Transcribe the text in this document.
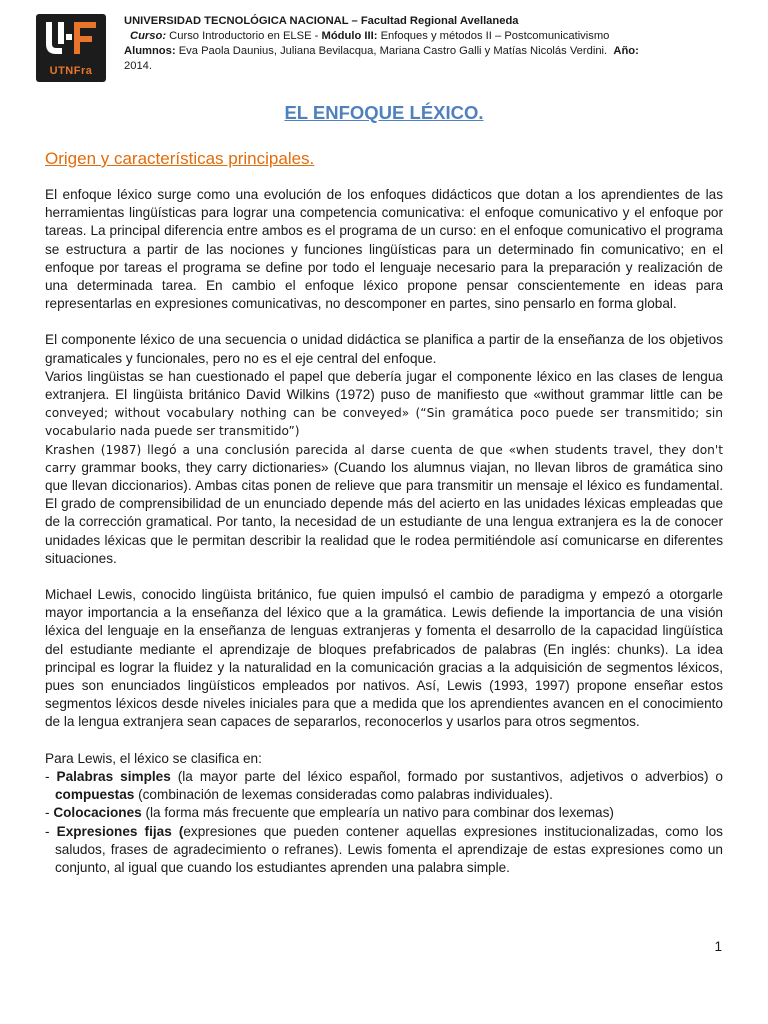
UTNFra
UNIVERSIDAD TECNOLÓGICA NACIONAL – Facultad Regional Avellaneda
Curso: Curso Introductorio en ELSE - Módulo III: Enfoques y métodos II – Postcomunicativismo
Alumnos: Eva Paola Daunius, Juliana Bevilacqua, Mariana Castro Galli y Matías Nicolás Verdini. Año:
2014.
EL ENFOQUE LÉXICO.
Origen y características principales.

El enfoque léxico surge como una evolución de los enfoques didácticos que dotan a los aprendientes de las herramientas lingüísticas para lograr una competencia comunicativa: el enfoque comunicativo y el enfoque por tareas. La principal diferencia entre ambos es el programa de un curso: en el enfoque comunicativo el programa se estructura a partir de las nociones y funciones lingüísticas para un determinado fin comunicativo; en el enfoque por tareas el programa se define por todo el lenguaje necesario para la preparación y realización de una determinada tarea. En cambio el enfoque léxico propone pensar conscientemente en ideas para representarlas en expresiones comunicativas, no descomponer en partes, sino pensarlo en forma global.

El componente léxico de una secuencia o unidad didáctica se planifica a partir de la enseñanza de los objetivos gramaticales y funcionales, pero no es el eje central del enfoque.

Varios lingüistas se han cuestionado el papel que debería jugar el componente léxico en las clases de lengua extranjera. El lingüista británico David Wilkins (1972) puso de manifiesto que «without grammar little can be conveyed; without vocabulary nothing can be conveyed» (“Sin gramática poco puede ser transmitido; sin vocabulario nada puede ser transmitido”)

Krashen (1987) llegó a una conclusión parecida al darse cuenta de que «when students travel, they don't carry grammar books, they carry dictionaries» (Cuando los alumnus viajan, no llevan libros de gramática sino que llevan diccionarios). Ambas citas ponen de relieve que para transmitir un mensaje el léxico es fundamental. El grado de comprensibilidad de un enunciado depende más del acierto en las unidades léxicas empleadas que de la corrección gramatical. Por tanto, la necesidad de un estudiante de una lengua extranjera es la de conocer unidades léxicas que le permitan describir la realidad que le rodea permitiéndole así comunicarse en diferentes situaciones.

Michael Lewis, conocido lingüista británico, fue quien impulsó el cambio de paradigma y empezó a otorgarle mayor importancia a la enseñanza del léxico que a la gramática. Lewis defiende la importancia de una visión léxica del lenguaje en la enseñanza de lenguas extranjeras y fomenta el desarrollo de la capacidad lingüística del estudiante mediante el aprendizaje de bloques prefabricados de palabras (En inglés: chunks). La idea principal es lograr la fluidez y la naturalidad en la comunicación gracias a la adquisición de segmentos léxicos, pues son enunciados lingüísticos empleados por nativos. Así, Lewis (1993, 1997) propone enseñar estos segmentos léxicos desde niveles iniciales para que a medida que los aprendientes avancen en el conocimiento de la lengua extranjera sean capaces de separarlos, reconocerlos y usarlos para otros segmentos.

Para Lewis, el léxico se clasifica en:

- Palabras simples (la mayor parte del léxico español, formado por sustantivos, adjetivos o adverbios) o compuestas (combinación de lexemas consideradas como palabras individuales).

- Colocaciones (la forma más frecuente que emplearía un nativo para combinar dos lexemas)

- Expresiones fijas (expresiones que pueden contener aquellas expresiones institucionalizadas, como los saludos, frases de agradecimiento o refranes). Lewis fomenta el aprendizaje de estas expresiones como un conjunto, al igual que cuando los estudiantes aprenden una palabra simple.

1
